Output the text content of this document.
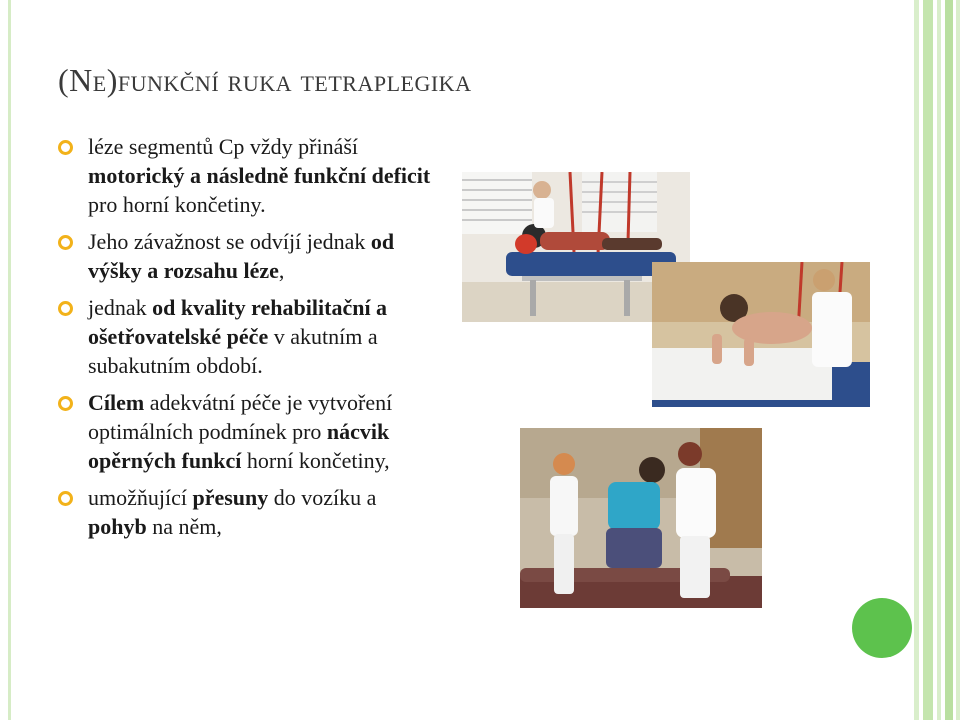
(Ne)funkční ruka tetraplegika
léze segmentů Cp vždy přináší motorický a následně funkční deficit pro horní končetiny.
Jeho závažnost se odvíjí jednak od výšky a rozsahu léze,
jednak od kvality rehabilitační a ošetřovatelské péče v akutním a subakutním období.
Cílem adekvátní péče je vytvoření optimálních podmínek pro nácvik opěrných funkcí horní končetiny,
umožňující přesuny do vozíku a pohyb na něm,
